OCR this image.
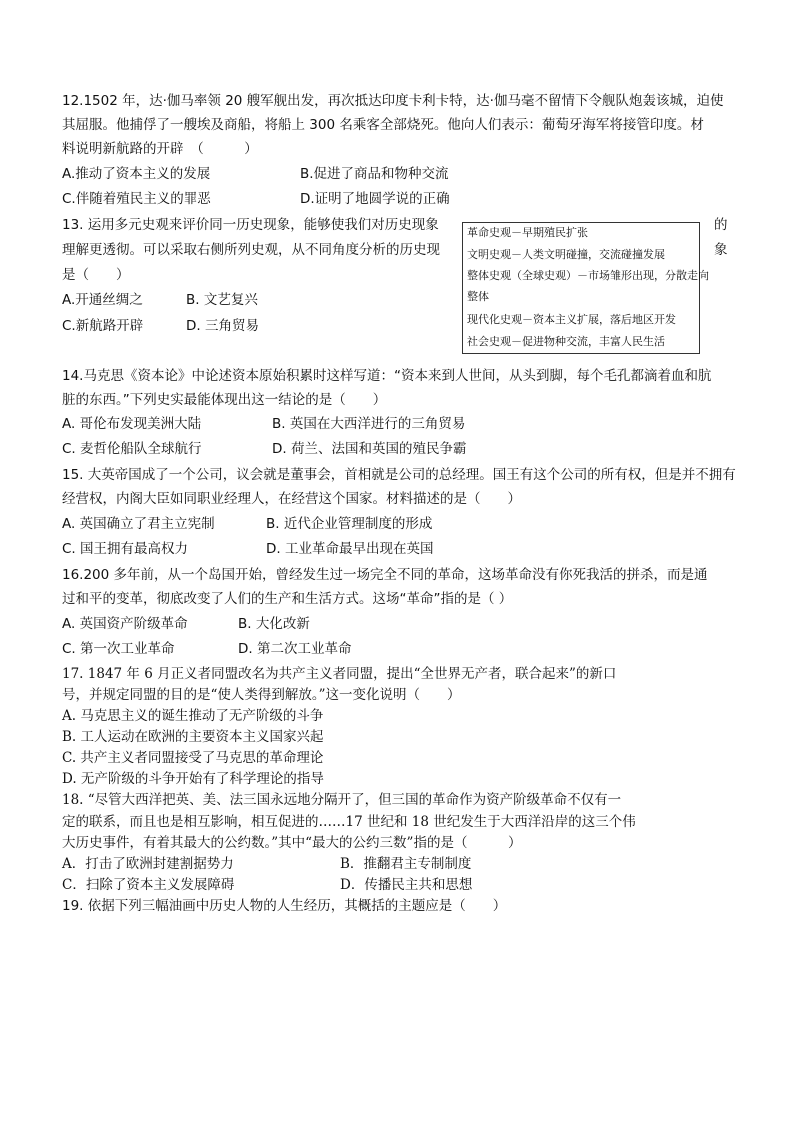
12.1502 年，达·伽马率领 20 艘军舰出发，再次抵达印度卡利卡特，达·伽马毫不留情下令舰队炮轰该城，迫使
其屈服。他捕俘了一艘埃及商船，将船上 300 名乘客全部烧死。他向人们表示：葡萄牙海军将接管印度。材
料说明新航路的开辟　（　　　）
A.推动了资本主义的发展	B.促进了商品和物种交流
C.伴随着殖民主义的罪恶	D.证明了地圆学说的正确
13. 运用多元史观来评价同一历史现象，能够使我们对历史现象	的
理解更透彻。可以采取右侧所列史观，从不同角度分析的历史现	象
是（　　）
A.开通丝绸之	B. 文艺复兴
C.新航路开辟	D. 三角贸易
革命史观－早期殖民扩张
文明史观－人类文明碰撞，交流碰撞发展
整体史观（全球史观）－市场雏形出现，分散走向
整体
现代化史观－资本主义扩展，落后地区开发
社会史观－促进物种交流，丰富人民生活
14.马克思《资本论》中论述资本原始积累时这样写道：“资本来到人世间，从头到脚，每个毛孔都滴着血和肮
脏的东西。”下列史实最能体现出这一结论的是（　　）
A. 哥伦布发现美洲大陆	B. 英国在大西洋进行的三角贸易
C. 麦哲伦船队全球航行	D. 荷兰、法国和英国的殖民争霸
15. 大英帝国成了一个公司，议会就是董事会，首相就是公司的总经理。国王有这个公司的所有权，但是并不拥有
经营权，内阁大臣如同职业经理人，在经营这个国家。材料描述的是（　　）
A. 英国确立了君主立宪制	B. 近代企业管理制度的形成
C. 国王拥有最高权力	D. 工业革命最早出现在英国
16.200 多年前，从一个岛国开始，曾经发生过一场完全不同的革命，这场革命没有你死我活的拼杀，而是通
过和平的变革，彻底改变了人们的生产和生活方式。这场“革命”指的是（ ）
A. 英国资产阶级革命	B. 大化改新
C. 第一次工业革命	D. 第二次工业革命
17. 1847 年 6 月正义者同盟改名为共产主义者同盟，提出“全世界无产者，联合起来”的新口
号，并规定同盟的目的是“使人类得到解放。”这一变化说明（　　）
A. 马克思主义的诞生推动了无产阶级的斗争
B. 工人运动在欧洲的主要资本主义国家兴起
C. 共产主义者同盟接受了马克思的革命理论
D. 无产阶级的斗争开始有了科学理论的指导
18. “尽管大西洋把英、美、法三国永远地分隔开了，但三国的革命作为资产阶级革命不仅有一
定的联系，而且也是相互影响，相互促进的……17 世纪和 18 世纪发生于大西洋沿岸的这三个伟
大历史事件，有着其最大的公约数。”其中“最大的公约三数”指的是（　　　）
A．打击了欧洲封建割据势力	B．推翻君主专制制度
C．扫除了资本主义发展障碍	D．传播民主共和思想
19. 依据下列三幅油画中历史人物的人生经历，其概括的主题应是（　　）
